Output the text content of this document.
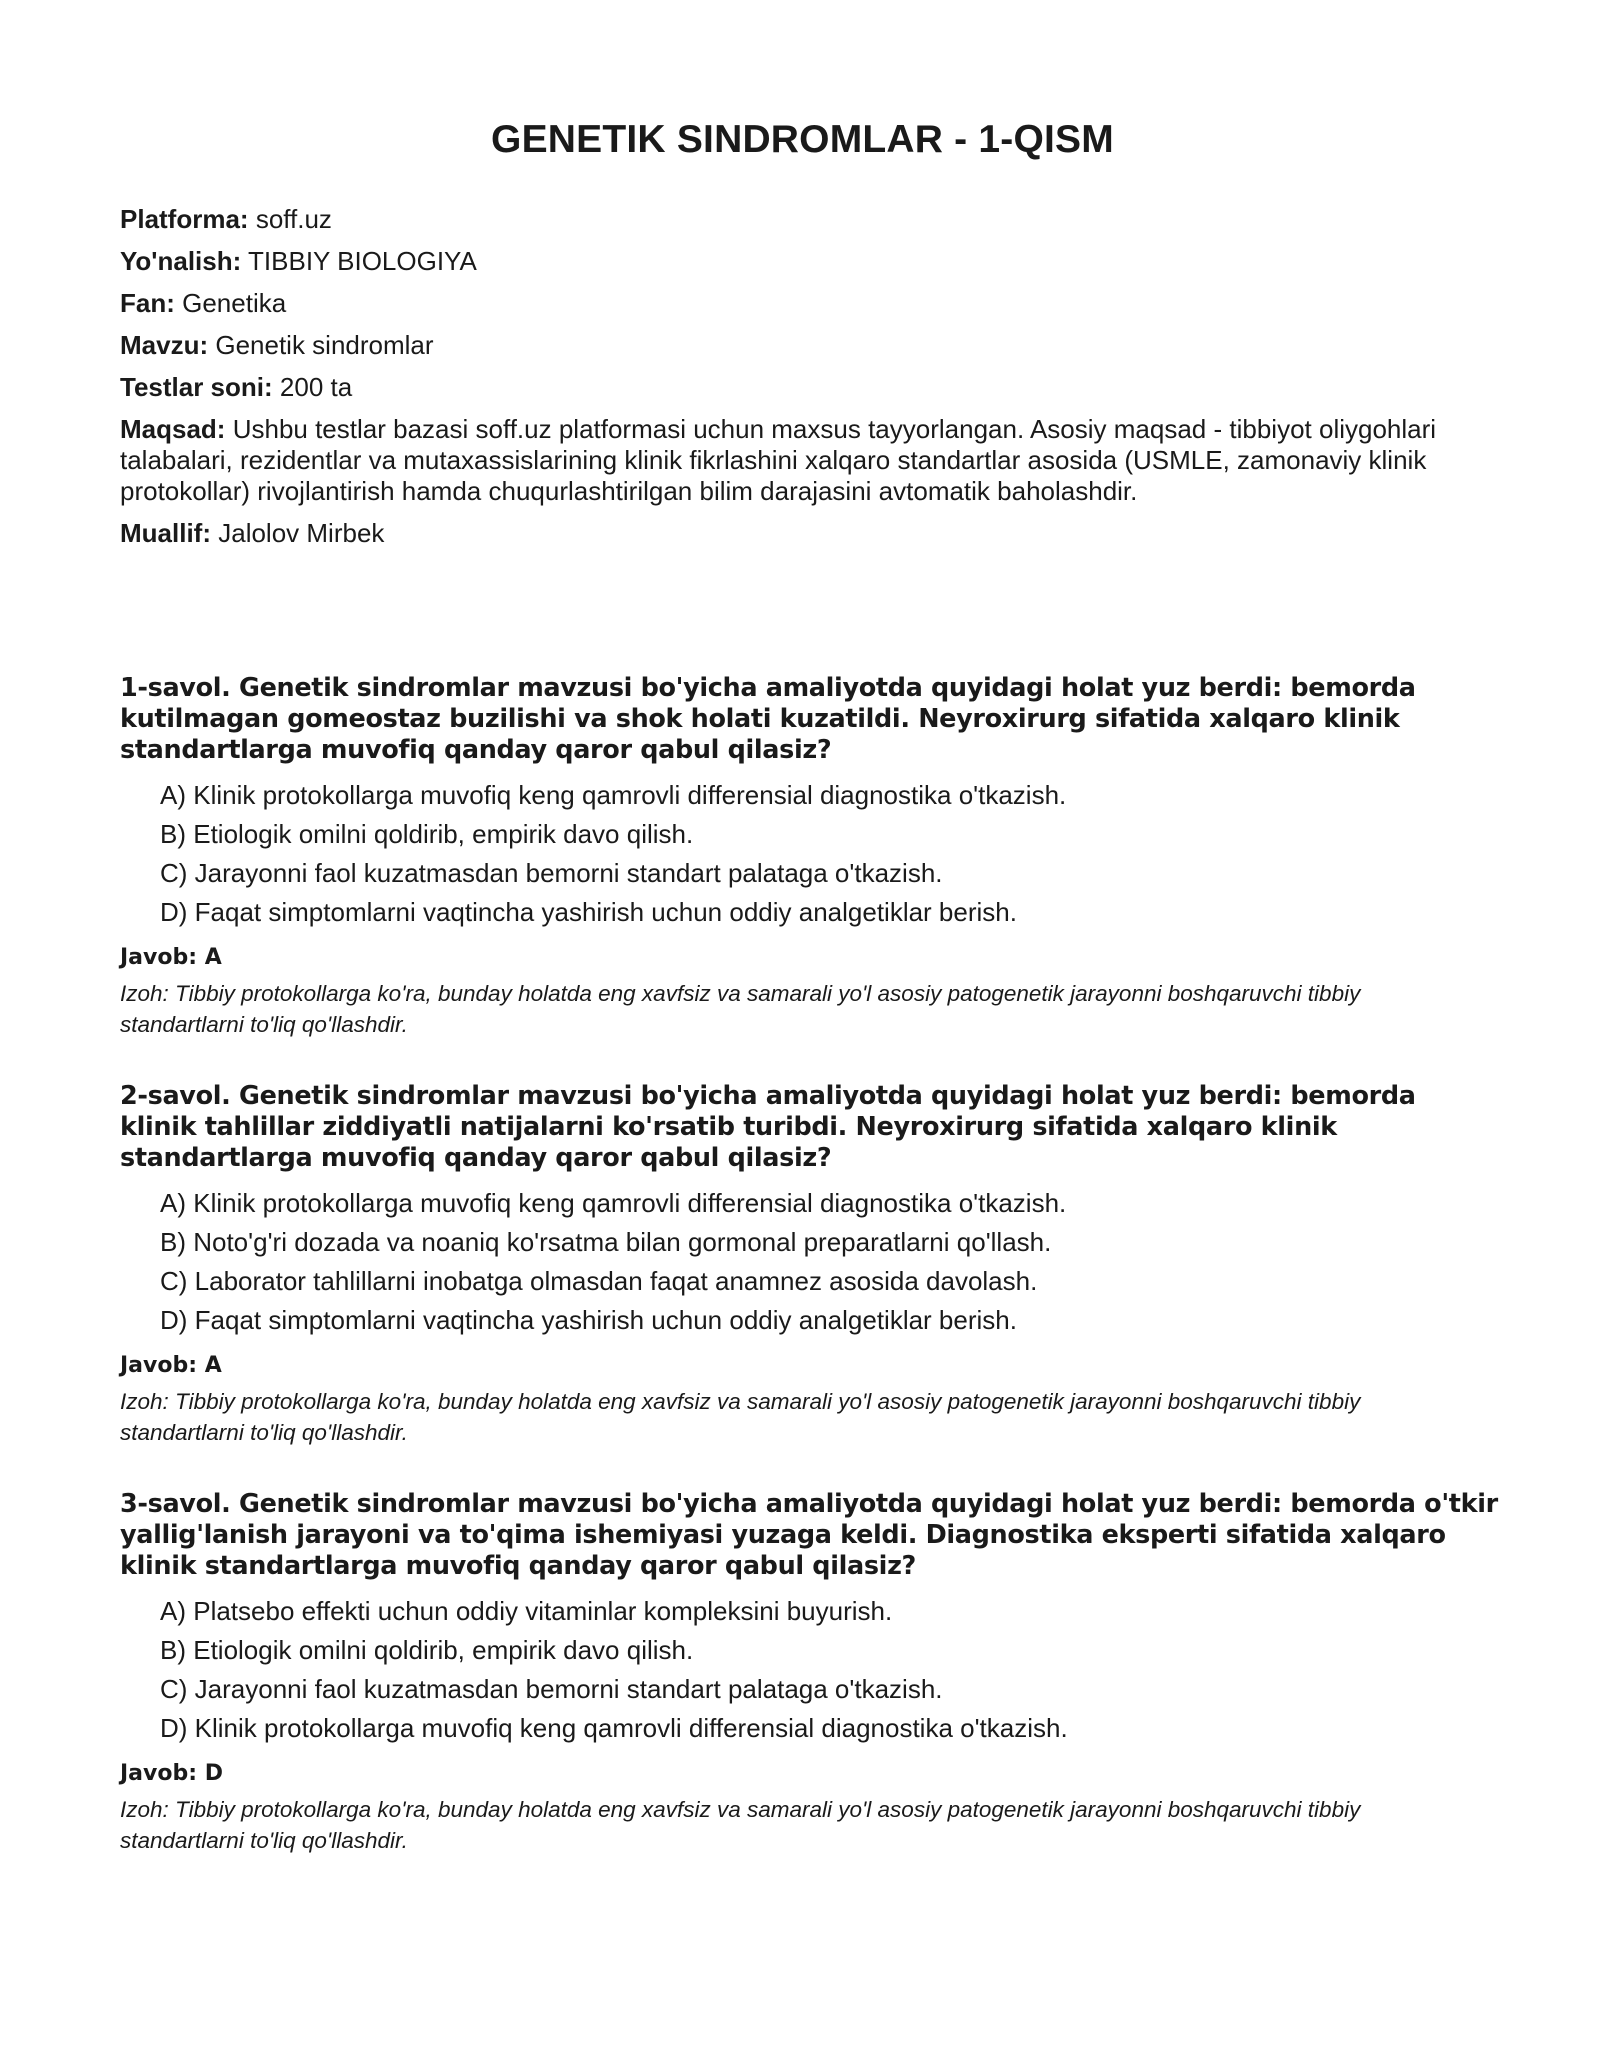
GENETIK SINDROMLAR - 1-QISM

Platforma: soff.uz

Yo'nalish: TIBBIY BIOLOGIYA

Fan: Genetika

Mavzu: Genetik sindromlar

Testlar soni: 200 ta

Maqsad: Ushbu testlar bazasi soff.uz platformasi uchun maxsus tayyorlangan. Asosiy maqsad - tibbiyot oliygohlari talabalari, rezidentlar va mutaxassislarining klinik fikrlashini xalqaro standartlar asosida (USMLE, zamonaviy klinik protokollar) rivojlantirish hamda chuqurlashtirilgan bilim darajasini avtomatik baholashdir.

Muallif: Jalolov Mirbek

1-savol. Genetik sindromlar mavzusi bo'yicha amaliyotda quyidagi holat yuz berdi: bemorda kutilmagan gomeostaz buzilishi va shok holati kuzatildi. Neyroxirurg sifatida xalqaro klinik standartlarga muvofiq qanday qaror qabul qilasiz?

A) Klinik protokollarga muvofiq keng qamrovli differensial diagnostika o'tkazish.
B) Etiologik omilni qoldirib, empirik davo qilish.
C) Jarayonni faol kuzatmasdan bemorni standart palataga o'tkazish.
D) Faqat simptomlarni vaqtincha yashirish uchun oddiy analgetiklar berish.

Javob: A

Izoh: Tibbiy protokollarga ko'ra, bunday holatda eng xavfsiz va samarali yo'l asosiy patogenetik jarayonni boshqaruvchi tibbiy standartlarni to'liq qo'llashdir.

2-savol. Genetik sindromlar mavzusi bo'yicha amaliyotda quyidagi holat yuz berdi: bemorda klinik tahlillar ziddiyatli natijalarni ko'rsatib turibdi. Neyroxirurg sifatida xalqaro klinik standartlarga muvofiq qanday qaror qabul qilasiz?

A) Klinik protokollarga muvofiq keng qamrovli differensial diagnostika o'tkazish.
B) Noto'g'ri dozada va noaniq ko'rsatma bilan gormonal preparatlarni qo'llash.
C) Laborator tahlillarni inobatga olmasdan faqat anamnez asosida davolash.
D) Faqat simptomlarni vaqtincha yashirish uchun oddiy analgetiklar berish.

Javob: A

Izoh: Tibbiy protokollarga ko'ra, bunday holatda eng xavfsiz va samarali yo'l asosiy patogenetik jarayonni boshqaruvchi tibbiy standartlarni to'liq qo'llashdir.

3-savol. Genetik sindromlar mavzusi bo'yicha amaliyotda quyidagi holat yuz berdi: bemorda o'tkir yallig'lanish jarayoni va to'qima ishemiyasi yuzaga keldi. Diagnostika eksperti sifatida xalqaro klinik standartlarga muvofiq qanday qaror qabul qilasiz?

A) Platsebo effekti uchun oddiy vitaminlar kompleksini buyurish.
B) Etiologik omilni qoldirib, empirik davo qilish.
C) Jarayonni faol kuzatmasdan bemorni standart palataga o'tkazish.
D) Klinik protokollarga muvofiq keng qamrovli differensial diagnostika o'tkazish.

Javob: D

Izoh: Tibbiy protokollarga ko'ra, bunday holatda eng xavfsiz va samarali yo'l asosiy patogenetik jarayonni boshqaruvchi tibbiy standartlarni to'liq qo'llashdir.
